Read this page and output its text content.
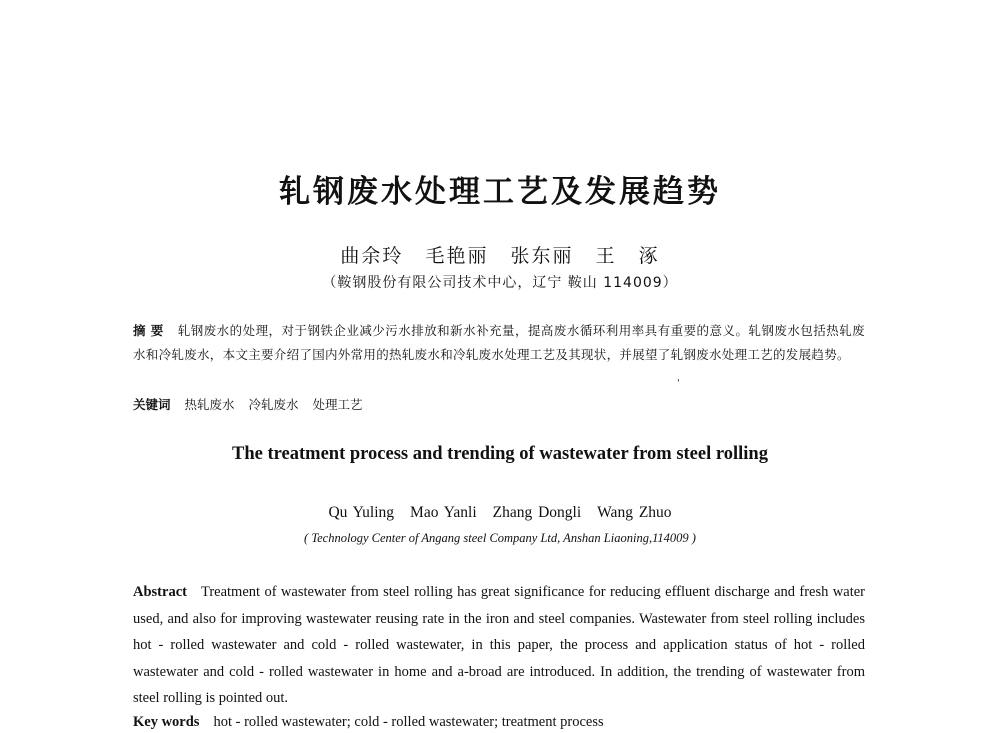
轧钢废水处理工艺及发展趋势
曲余玲 毛艳丽 张东丽 王 涿
（鞍钢股份有限公司技术中心，辽宁 鞍山 114009）
摘 要 轧钢废水的处理，对于钢铁企业减少污水排放和新水补充量，提高废水循环利用率具有重要的意义。轧钢废水包括热轧废水和冷轧废水，本文主要介绍了国内外常用的热轧废水和冷轧废水处理工艺及其现状，并展望了轧钢废水处理工艺的发展趋势。
'
关键词 热轧废水 冷轧废水 处理工艺
The treatment process and trending of wastewater from steel rolling
Qu Yuling Mao Yanli Zhang Dongli Wang Zhuo
( Technology Center of Angang steel Company Ltd, Anshan Liaoning,114009 )
Abstract Treatment of wastewater from steel rolling has great significance for reducing effluent discharge and fresh water used, and also for improving wastewater reusing rate in the iron and steel companies. Wastewater from steel rolling includes hot - rolled wastewater and cold - rolled wastewater, in this paper, the process and application status of hot - rolled wastewater and cold - rolled wastewater in home and a-broad are introduced. In addition, the trending of wastewater from steel rolling is pointed out.
Key words hot - rolled wastewater; cold - rolled wastewater; treatment process
